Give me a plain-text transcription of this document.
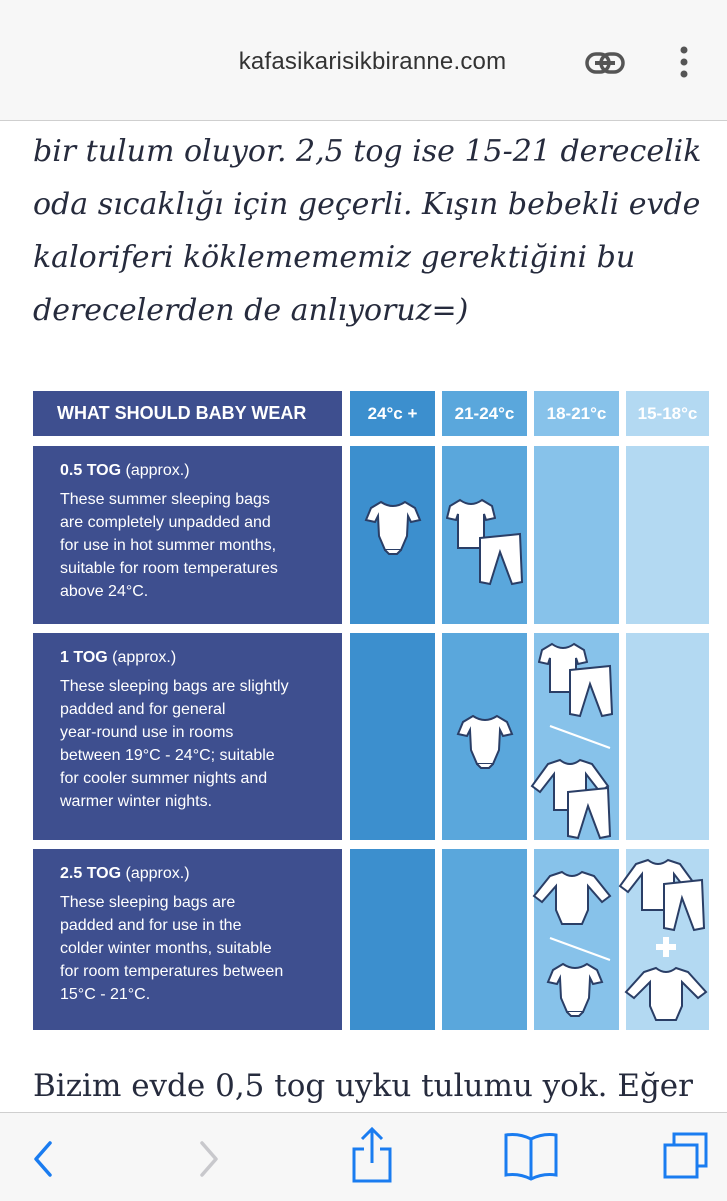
kafasikarisikbiranne.com

bir tulum oluyor. 2,5 tog ise 15-21 derecelik

oda sıcaklığı için geçerli. Kışın bebekli evde

kaloriferi köklemememiz gerektiğini bu

derecelerden de anlıyoruz=)

WHAT SHOULD BABY WEAR	24°c +	21-24°c	18-21°c	15-18°c
0.5 TOG (approx.)
These summer sleeping bags
are completely unpadded and
for use in hot summer months,
suitable for room temperatures
above 24°C.
1 TOG (approx.)
These sleeping bags are slightly
padded and for general
year-round use in rooms
between 19°C - 24°C; suitable
for cooler summer nights and
warmer winter nights.
2.5 TOG (approx.)
These sleeping bags are
padded and for use in the
colder winter months, suitable
for room temperatures between
15°C - 21°C.
Bizim evde 0,5 tog uyku tulumu yok. Eğer
